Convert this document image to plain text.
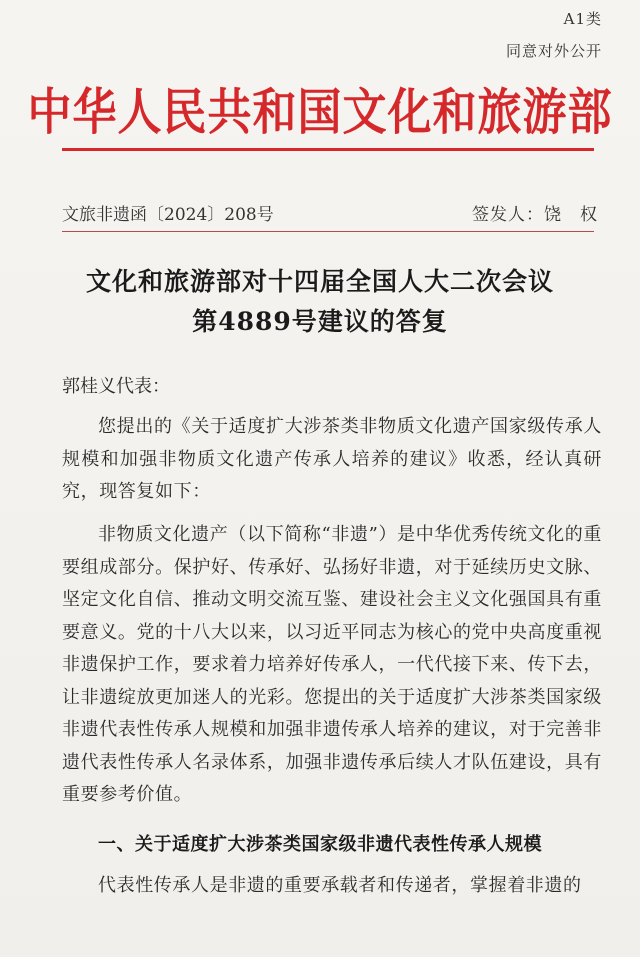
A1类
同意对外公开
中华人民共和国文化和旅游部
文旅非遗函〔2024〕208号	签发人：饶　权
文化和旅游部对十四届全国人大二次会议
第4889号建议的答复
郭桂义代表：

您提出的《关于适度扩大涉茶类非物质文化遗产国家级传承人规模和加强非物质文化遗产传承人培养的建议》收悉，经认真研究，现答复如下：

非物质文化遗产（以下简称“非遗”）是中华优秀传统文化的重要组成部分。保护好、传承好、弘扬好非遗，对于延续历史文脉、坚定文化自信、推动文明交流互鉴、建设社会主义文化强国具有重要意义。党的十八大以来，以习近平同志为核心的党中央高度重视非遗保护工作，要求着力培养好传承人，一代代接下来、传下去，让非遗绽放更加迷人的光彩。您提出的关于适度扩大涉茶类国家级非遗代表性传承人规模和加强非遗传承人培养的建议，对于完善非遗代表性传承人名录体系，加强非遗传承后续人才队伍建设，具有重要参考价值。

一、关于适度扩大涉茶类国家级非遗代表性传承人规模

代表性传承人是非遗的重要承载者和传递者，掌握着非遗的
